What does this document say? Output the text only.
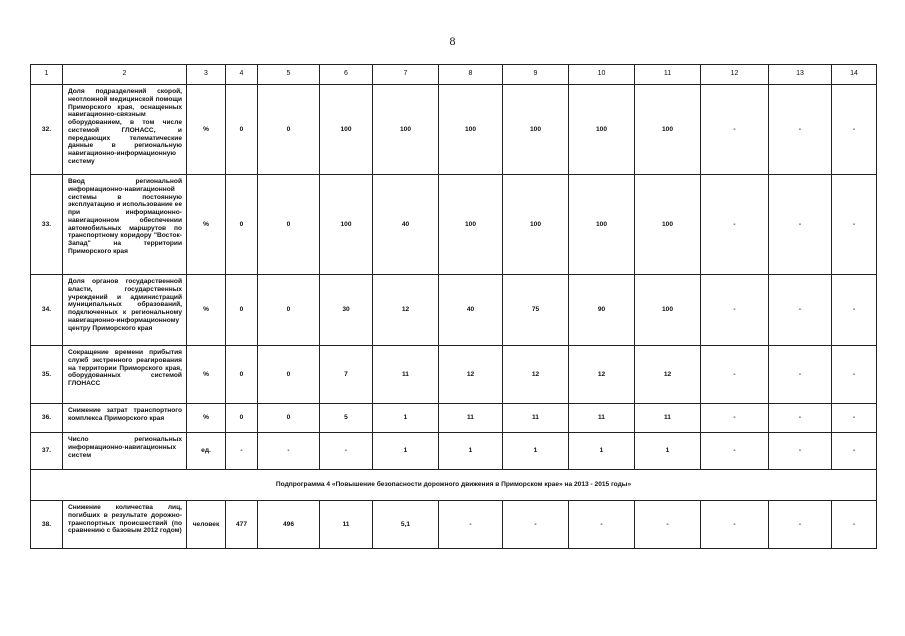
8
1	2	3	4	5	6	7	8	9	10	11	12	13	14
32.	Доля подразделений скорой, неотложной медицинской помощи Приморского края, оснащенных навигационно-связным оборудованием, в том числе системой ГЛОНАСС, и передающих телематические данные в региональную навигационно-информационную систему	%	0	0	100	100	100	100	100	100	-	-	-
33.	Ввод региональной информационно-навигационной системы в постоянную эксплуатацию и использование ее при информационно-навигационном обеспечении автомобильных маршрутов по транспортному коридору "Восток-Запад" на территории Приморского края	%	0	0	100	40	100	100	100	100	-	-	-
34.	Доля органов государственной власти, государственных учреждений и администраций муниципальных образований, подключенных к региональному навигационно-информационному центру Приморского края	%	0	0	30	12	40	75	90	100	-	-	-
35.	Сокращение времени прибытия служб экстренного реагирования на территории Приморского края, оборудованных системой ГЛОНАСС	%	0	0	7	11	12	12	12	12	-	-	-
36.	Снижение затрат транспортного комплекса Приморского края	%	0	0	5	1	11	11	11	11	-	-	-
37.	Число региональных информационно-навигационных систем	ед.	-	-	-	1	1	1	1	1	-	-	-
Подпрограмма 4 «Повышение безопасности дорожного движения в Приморском крае» на 2013 - 2015 годы»													
38.	Снижение количества лиц, погибших в результате дорожно-транспортных происшествий (по сравнению с базовым 2012 годом)	человек	477	496	11	5,1	-	-	-	-	-	-	-
